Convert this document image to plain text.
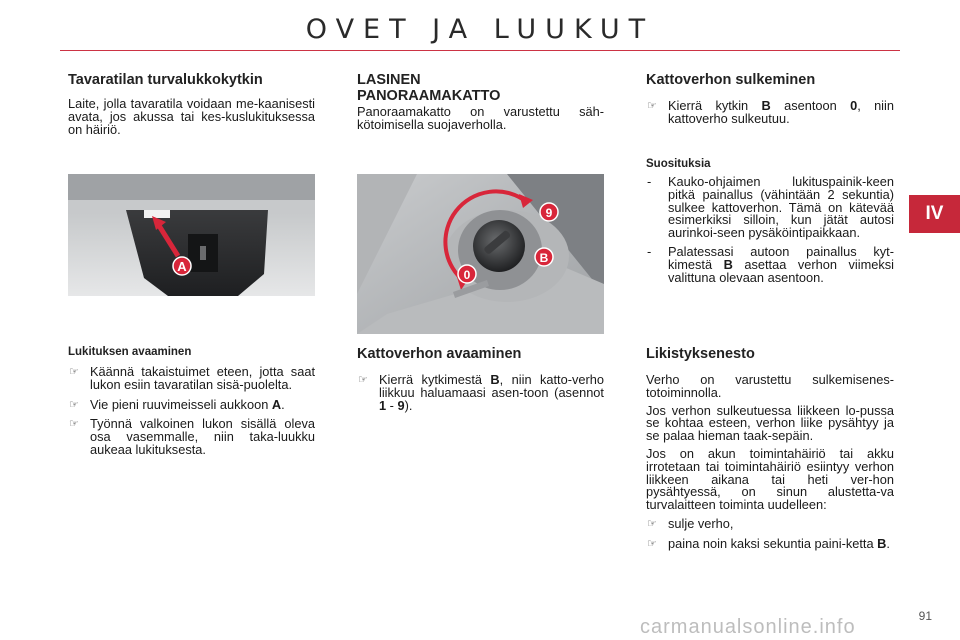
OVET JA LUUKUT
IV
Tavaratilan turvalukkokytkin

Laite, jolla tavaratila voidaan me-kaanisesti avata, jos akussa tai kes-kuslukituksessa on häiriö.

A
Lukituksen avaaminen
☞ Käännä takaistuimet eteen, jotta saat lukon esiin tavaratilan sisä-puolelta.
☞ Vie pieni ruuvimeisseli aukkoon A.
☞ Työnnä valkoinen lukon sisällä oleva osa vasemmalle, niin taka-luukku aukeaa lukituksesta.
LASINEN PANORAAMAKATTO

Panoraamakatto on varustettu säh-kötoimisella suojaverholla.

9
B
0
Kattoverhon avaaminen
☞ Kierrä kytkimestä B, niin katto-verho liikkuu haluamaasi asen-toon (asennot 1 - 9).
Kattoverhon sulkeminen
☞ Kierrä kytkin B asentoon 0, niin kattoverho sulkeutuu.
Suosituksia
- Kauko-ohjaimen lukituspainik-keen pitkä painallus (vähintään 2 sekuntia) sulkee kattoverhon. Tämä on kätevää esimerkiksi silloin, kun jätät autosi aurinkoi-seen pysäköintipaikkaan.
- Palatessasi autoon painallus kyt-kimestä B asettaa verhon viimeksi valittuna olevaan asentoon.
Likistyksenesto

Verho on varustettu sulkemisenes-totoiminnolla.

Jos verhon sulkeutuessa liikkeen lo-pussa se kohtaa esteen, verhon liike pysähtyy ja se palaa hieman taak-sepäin.

Jos on akun toimintahäiriö tai akku irrotetaan tai toimintahäiriö esiintyy verhon liikkeen aikana tai heti ver-hon pysähtyessä, on sinun alustetta-va turvalaitteen toiminta uudelleen:

☞ sulje verho,
☞ paina noin kaksi sekuntia paini-ketta B.
91
carmanualsonline.info
